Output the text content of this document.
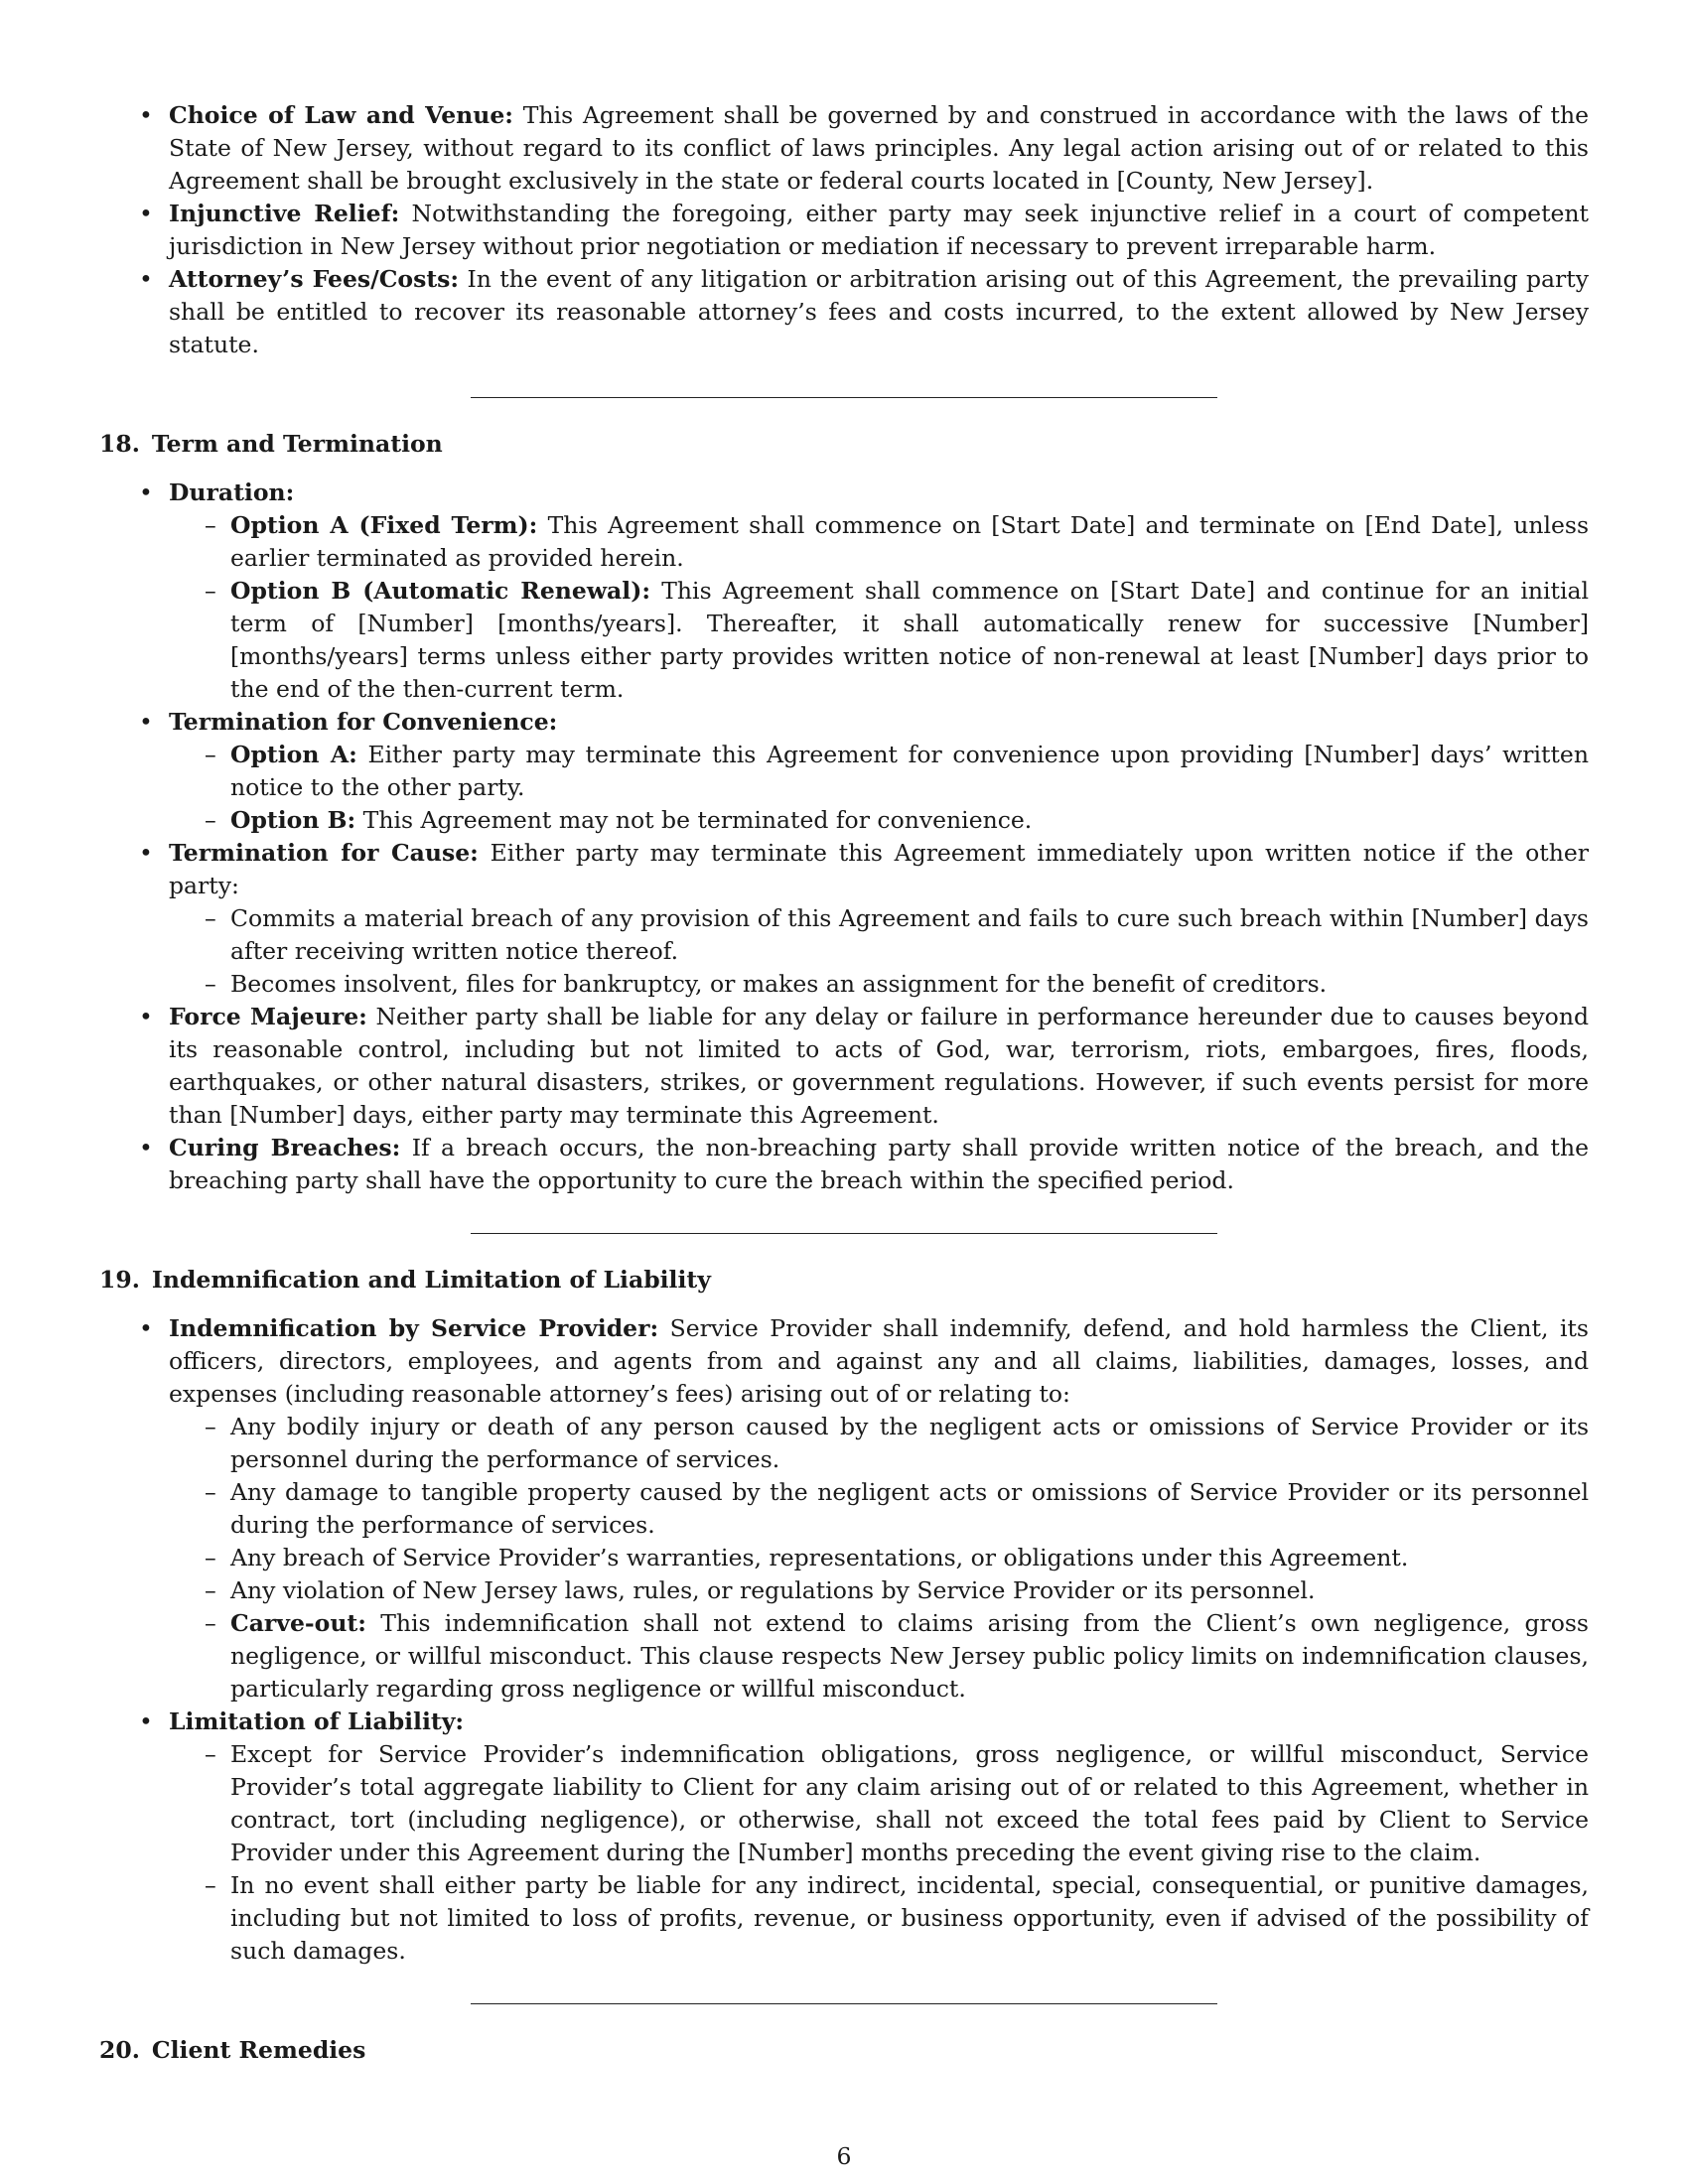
• Choice of Law and Venue: This Agreement shall be governed by and construed in accordance with the laws of the State of New Jersey, without regard to its conflict of laws principles. Any legal action arising out of or related to this Agreement shall be brought exclusively in the state or federal courts located in [County, New Jersey].
• Injunctive Relief: Notwithstanding the foregoing, either party may seek injunctive relief in a court of competent jurisdiction in New Jersey without prior negotiation or mediation if necessary to prevent irreparable harm.
• Attorney’s Fees/Costs: In the event of any litigation or arbitration arising out of this Agreement, the prevailing party shall be entitled to recover its reasonable attorney’s fees and costs incurred, to the extent allowed by New Jersey statute.
18. Term and Termination
• Duration:
– Option A (Fixed Term): This Agreement shall commence on [Start Date] and terminate on [End Date], unless earlier terminated as provided herein.
– Option B (Automatic Renewal): This Agreement shall commence on [Start Date] and continue for an initial term of [Number] [months/years]. Thereafter, it shall automatically renew for successive [Number] [months/years] terms unless either party provides written notice of non-renewal at least [Number] days prior to the end of the then-current term.
• Termination for Convenience:
– Option A: Either party may terminate this Agreement for convenience upon providing [Number] days’ written notice to the other party.
– Option B: This Agreement may not be terminated for convenience.
• Termination for Cause: Either party may terminate this Agreement immediately upon written notice if the other party:
– Commits a material breach of any provision of this Agreement and fails to cure such breach within [Number] days after receiving written notice thereof.
– Becomes insolvent, files for bankruptcy, or makes an assignment for the benefit of creditors.
• Force Majeure: Neither party shall be liable for any delay or failure in performance hereunder due to causes beyond its reasonable control, including but not limited to acts of God, war, terrorism, riots, embargoes, fires, floods, earthquakes, or other natural disasters, strikes, or government regulations. However, if such events persist for more than [Number] days, either party may terminate this Agreement.
• Curing Breaches: If a breach occurs, the non-breaching party shall provide written notice of the breach, and the breaching party shall have the opportunity to cure the breach within the specified period.
19. Indemnification and Limitation of Liability
• Indemnification by Service Provider: Service Provider shall indemnify, defend, and hold harmless the Client, its officers, directors, employees, and agents from and against any and all claims, liabilities, damages, losses, and expenses (including reasonable attorney’s fees) arising out of or relating to:
– Any bodily injury or death of any person caused by the negligent acts or omissions of Service Provider or its personnel during the performance of services.
– Any damage to tangible property caused by the negligent acts or omissions of Service Provider or its personnel during the performance of services.
– Any breach of Service Provider’s warranties, representations, or obligations under this Agreement.
– Any violation of New Jersey laws, rules, or regulations by Service Provider or its personnel.
– Carve-out: This indemnification shall not extend to claims arising from the Client’s own negligence, gross negligence, or willful misconduct. This clause respects New Jersey public policy limits on indemnification clauses, particularly regarding gross negligence or willful misconduct.
• Limitation of Liability:
– Except for Service Provider’s indemnification obligations, gross negligence, or willful misconduct, Service Provider’s total aggregate liability to Client for any claim arising out of or related to this Agreement, whether in contract, tort (including negligence), or otherwise, shall not exceed the total fees paid by Client to Service Provider under this Agreement during the [Number] months preceding the event giving rise to the claim.
– In no event shall either party be liable for any indirect, incidental, special, consequential, or punitive damages, including but not limited to loss of profits, revenue, or business opportunity, even if advised of the possibility of such damages.
20. Client Remedies
6
